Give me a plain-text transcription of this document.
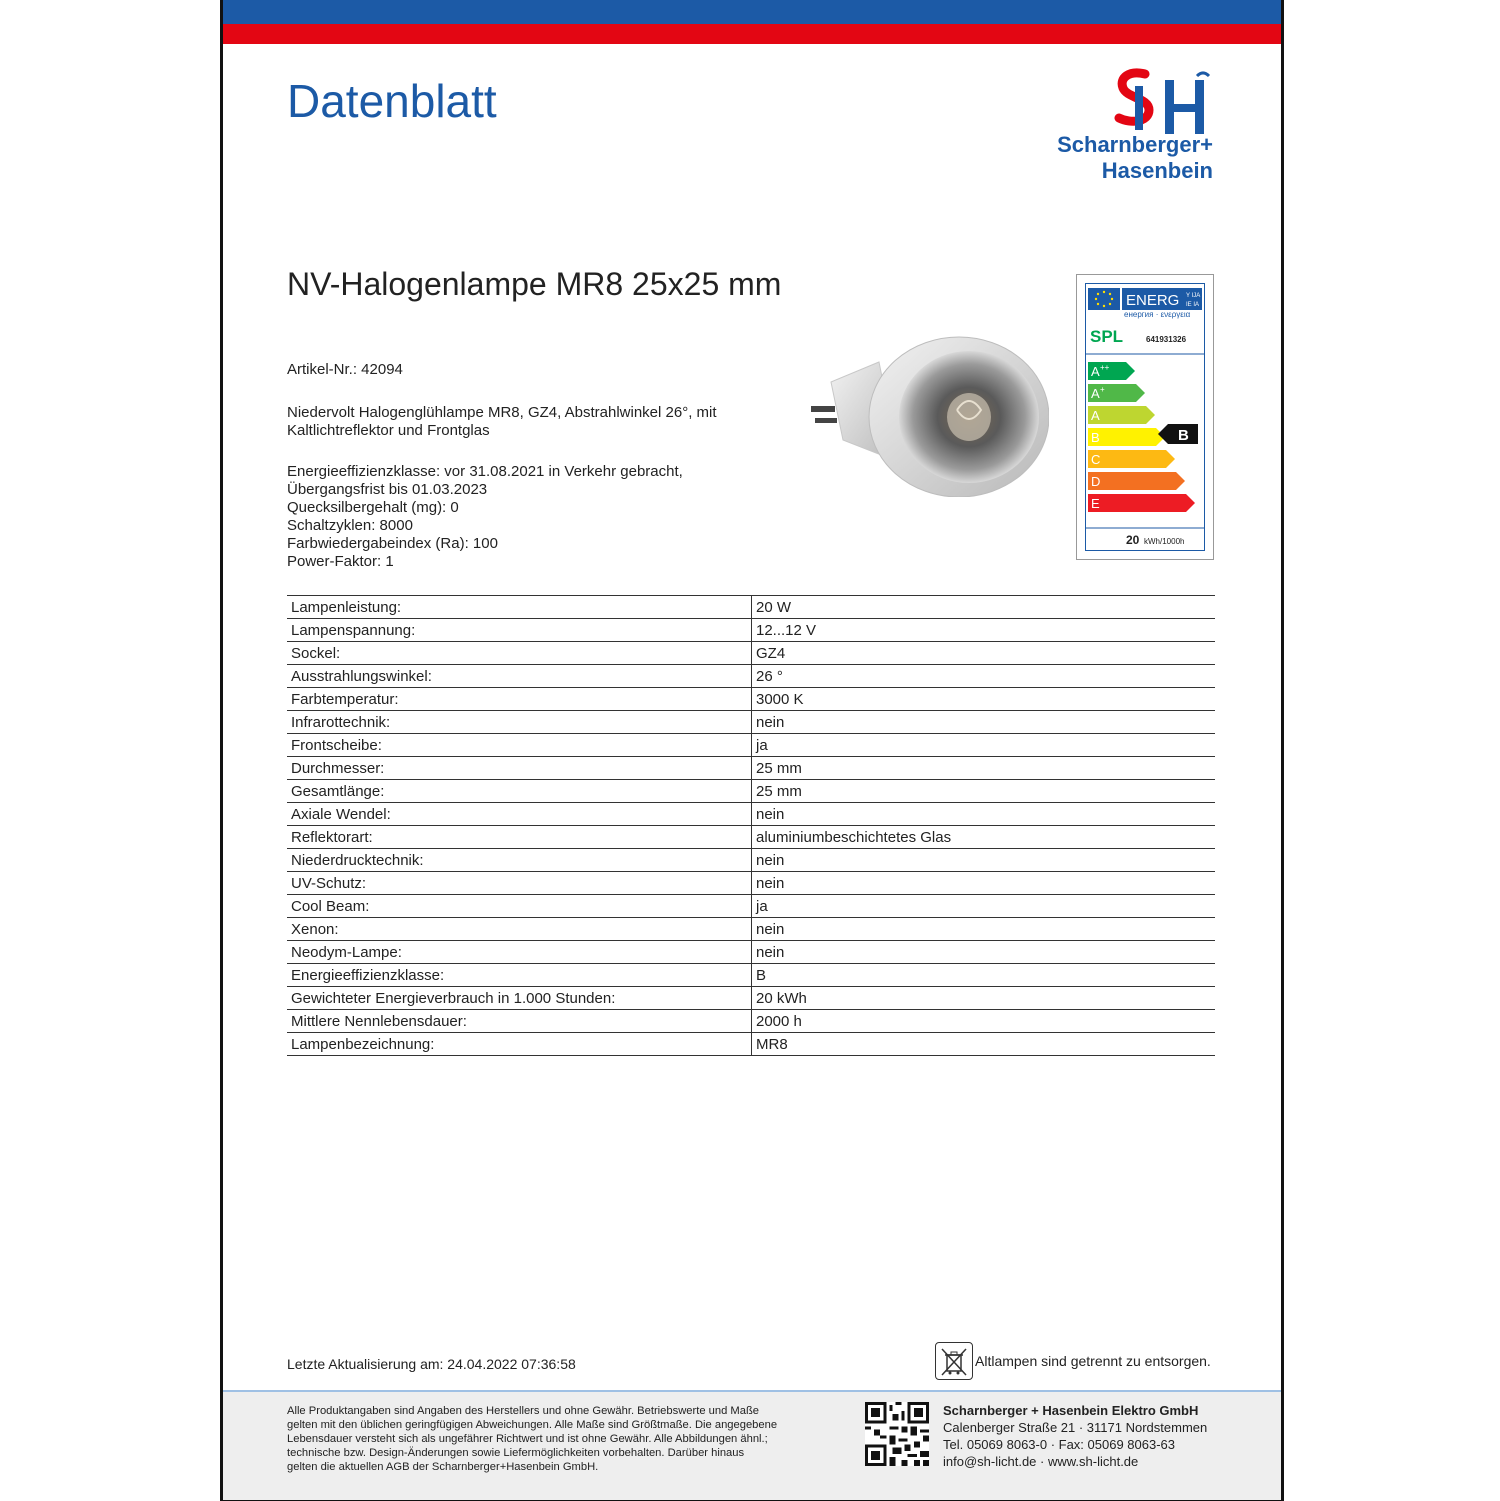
Datenblatt
Scharnberger+
Hasenbein
NV-Halogenlampe MR8 25x25 mm
Artikel-Nr.: 42094
Niedervolt Halogenglühlampe MR8, GZ4, Abstrahlwinkel 26°, mit Kaltlichtreflektor und Frontglas
Energieeffizienzklasse: vor 31.08.2021 in Verkehr gebracht,
Übergangsfrist bis 01.03.2023
Quecksilbergehalt (mg): 0
Schaltzyklen: 8000
Farbwiedergabeindex (Ra): 100
Power-Faktor: 1
ENERG Y IJA
IE IA
енергия · ενεργεια
SPL	641931326
A ++
A +
A
B
C
D
E
B
20 kWh/1000h
Lampenleistung:	20 W
Lampenspannung:	12...12 V
Sockel:	GZ4
Ausstrahlungswinkel:	26 °
Farbtemperatur:	3000 K
Infrarottechnik:	nein
Frontscheibe:	ja
Durchmesser:	25 mm
Gesamtlänge:	25 mm
Axiale Wendel:	nein
Reflektorart:	aluminiumbeschichtetes Glas
Niederdrucktechnik:	nein
UV-Schutz:	nein
Cool Beam:	ja
Xenon:	nein
Neodym-Lampe:	nein
Energieeffizienzklasse:	B
Gewichteter Energieverbrauch in 1.000 Stunden:	20 kWh
Mittlere Nennlebensdauer:	2000 h
Lampenbezeichnung:	MR8
Letzte Aktualisierung am: 24.04.2022 07:36:58	Altlampen sind getrennt zu entsorgen.
Alle Produktangaben sind Angaben des Herstellers und ohne Gewähr. Betriebswerte und Maße
gelten mit den üblichen geringfügigen Abweichungen. Alle Maße sind Größtmaße. Die angegebene
Lebensdauer versteht sich als ungefährer Richtwert und ist ohne Gewähr. Alle Abbildungen ähnl.;
technische bzw. Design-Änderungen sowie Liefermöglichkeiten vorbehalten. Darüber hinaus
gelten die aktuellen AGB der Scharnberger+Hasenbein GmbH.
Scharnberger + Hasenbein Elektro GmbH
Calenberger Straße 21 · 31171 Nordstemmen
Tel. 05069 8063-0 · Fax: 05069 8063-63
info@sh-licht.de · www.sh-licht.de
